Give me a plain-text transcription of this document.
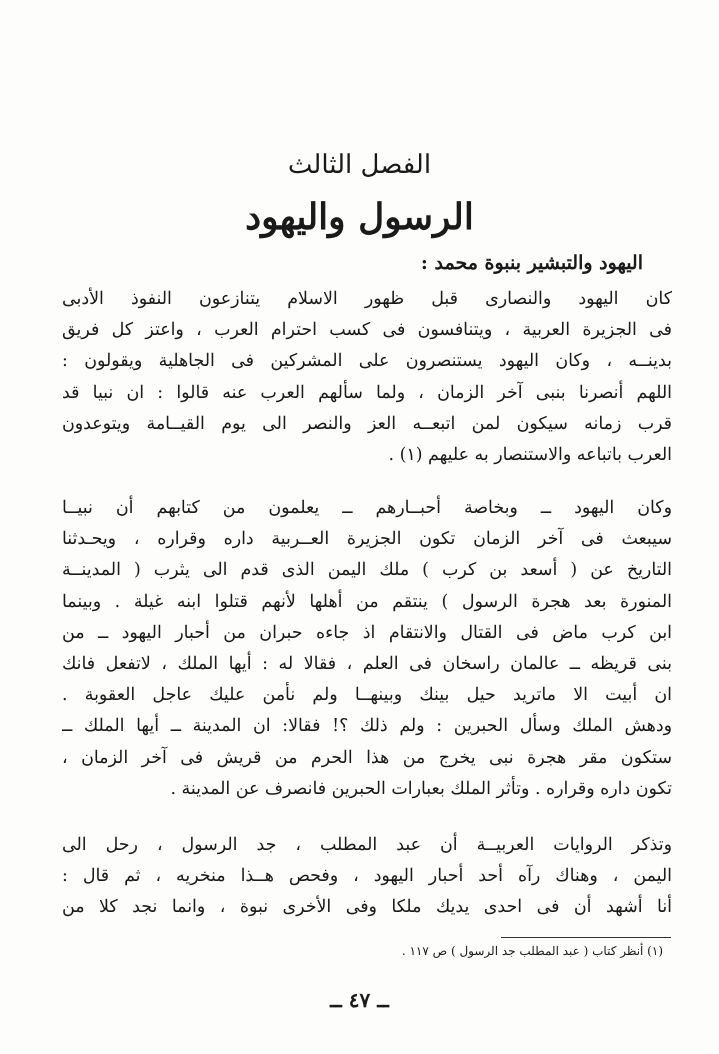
الفصل الثالث
الرسول واليهود
اليهود والتبشير بنبوة محمد :
كان اليهود والنصارى قبل ظهور الاسلام يتنازعون النفوذ الأدبى
فى الجزيرة العربية ، ويتنافسون فى كسب احترام العرب ، واعتز كل فريق
بدينــه ، وكان اليهود يستنصرون على المشركين فى الجاهلية ويقولون :
اللهم أنصرنا بنبى آخر الزمان ، ولما سألهم العرب عنه قالوا : ان نبيا قد
قرب زمانه سيكون لمن اتبعــه العز والنصر الى يوم القيــامة ويتوعدون
العرب باتباعه والاستنصار به عليهم (١) .
وكان اليهود ــ وبخاصة أحبــارهم ــ يعلمون من كتابهم أن نبيــا
سيبعث فى آخر الزمان تكون الجزيرة العــربية داره وقراره ، ويحـدثنا
التاريخ عن ( أسعد بن كرب ) ملك اليمن الذى قدم الى يثرب ( المدينــة
المنورة بعد هجرة الرسول ) ينتقم من أهلها لأنهم قتلوا ابنه غيلة . وبينما
ابن كرب ماض فى القتال والانتقام اذ جاءه حبران من أحبار اليهود ــ من
بنى قريظه ــ عالمان راسخان فى العلم ، فقالا له : أيها الملك ، لاتفعل فانك
ان أبيت الا ماتريد حيل بينك وبينهــا ولم نأمن عليك عاجل العقوبة .
ودهش الملك وسأل الحبرين : ولم ذلك ؟! فقالا: ان المدينة ــ أيها الملك ــ
ستكون مقر هجرة نبى يخرج من هذا الحرم من قريش فى آخر الزمان ،
تكون داره وقراره . وتأثر الملك بعبارات الحبرين فانصرف عن المدينة .
وتذكر الروايات العربيــة أن عبد المطلب ، جد الرسول ، رحل الى
اليمن ، وهناك رآه أحد أحبار اليهود ، وفحص هــذا منخريه ، ثم قال :
أنا أشهد أن فى احدى يديك ملكا وفى الأخرى نبوة ، وانما نجد كلا من
(١) أنظر كتاب ( عبد المطلب جد الرسول ) ص ١١٧ .
ــ ٤٧ ــ
